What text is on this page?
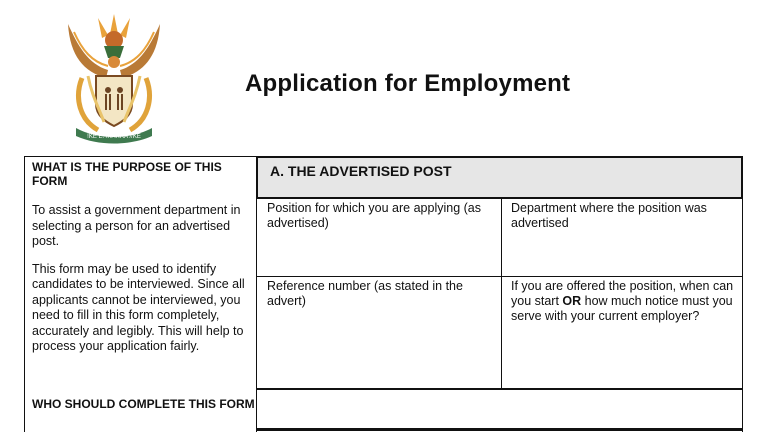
!KE E: /XARRA //KE
Application for Employment
WHAT IS THE PURPOSE OF THIS FORM
To assist a government department in selecting a person for an advertised post.
This form may be used to identify candidates to be interviewed. Since all applicants cannot be interviewed, you need to fill in this form completely, accurately and legibly. This will help to process your application fairly.
WHO SHOULD COMPLETE THIS FORM
A. THE ADVERTISED POST
Position for which you are applying (as advertised)
Department where the position was advertised
Reference number (as stated in the advert)
If you are offered the position, when can you start OR how much notice must you serve with your current employer?
